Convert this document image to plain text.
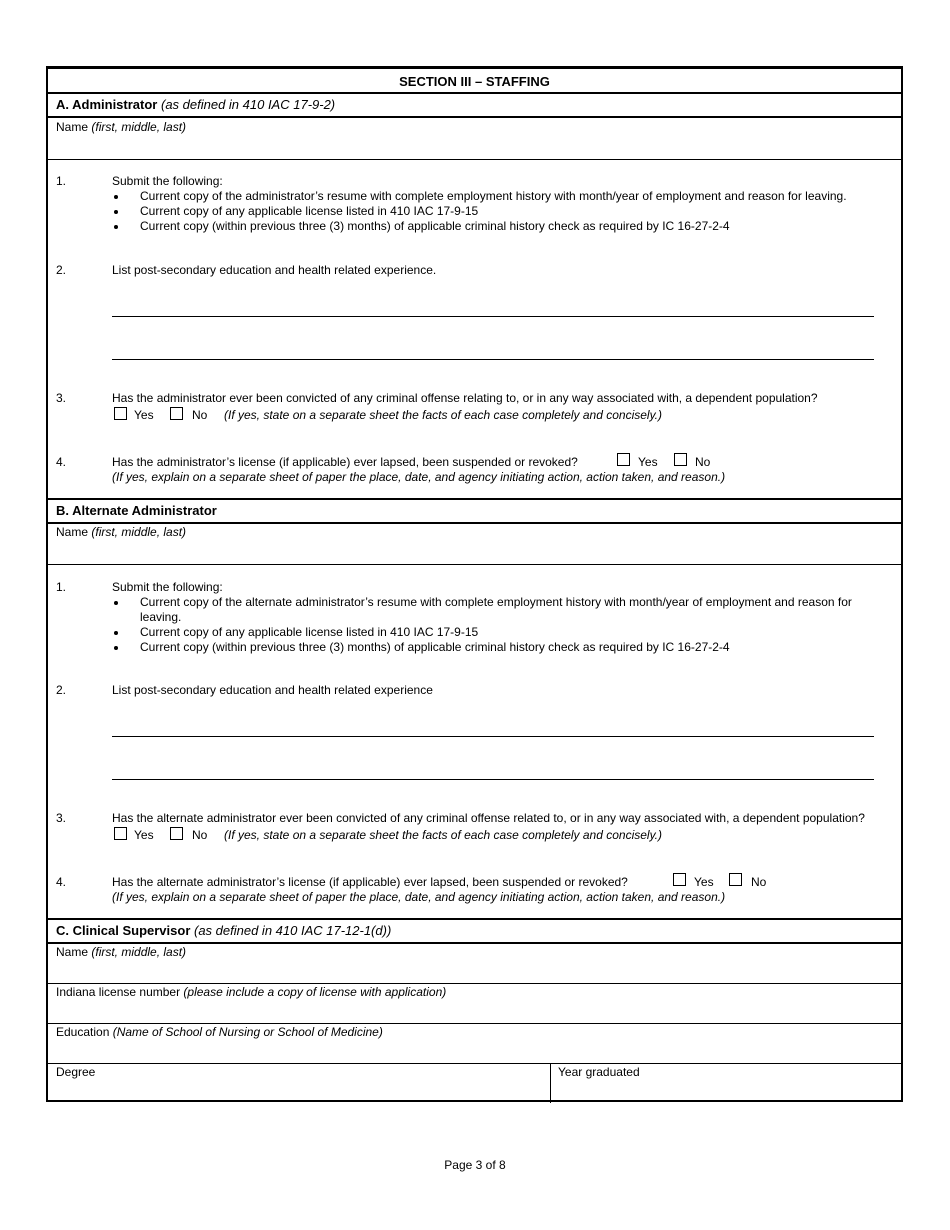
SECTION III – STAFFING
A. Administrator (as defined in 410 IAC 17-9-2)
Name (first, middle, last)
1.	Submit the following:
Current copy of the administrator’s resume with complete employment history with month/year of employment and reason for leaving.
Current copy of any applicable license listed in 410 IAC 17-9-15
Current copy (within previous three (3) months) of applicable criminal history check as required by IC 16-27-2-4
2.	List post-secondary education and health related experience.
3.	Has the administrator ever been convicted of any criminal offense relating to, or in any way associated with, a dependent population?
Yes	No (If yes, state on a separate sheet the facts of each case completely and concisely.)
4.	Has the administrator’s license (if applicable) ever lapsed, been suspended or revoked?	Yes	No
(If yes, explain on a separate sheet of paper the place, date, and agency initiating action, action taken, and reason.)
B. Alternate Administrator
Name (first, middle, last)
1.	Submit the following:
Current copy of the alternate administrator’s resume with complete employment history with month/year of employment and reason for leaving.
Current copy of any applicable license listed in 410 IAC 17-9-15
Current copy (within previous three (3) months) of applicable criminal history check as required by IC 16-27-2-4
2.	List post-secondary education and health related experience
3.	Has the alternate administrator ever been convicted of any criminal offense related to, or in any way associated with, a dependent population?
Yes	No (If yes, state on a separate sheet the facts of each case completely and concisely.)
4.	Has the alternate administrator’s license (if applicable) ever lapsed, been suspended or revoked?	Yes	No
(If yes, explain on a separate sheet of paper the place, date, and agency initiating action, action taken, and reason.)
C. Clinical Supervisor (as defined in 410 IAC 17-12-1(d))
Name (first, middle, last)
Indiana license number (please include a copy of license with application)
Education (Name of School of Nursing or School of Medicine)
Degree	Year graduated
Page 3 of 8
